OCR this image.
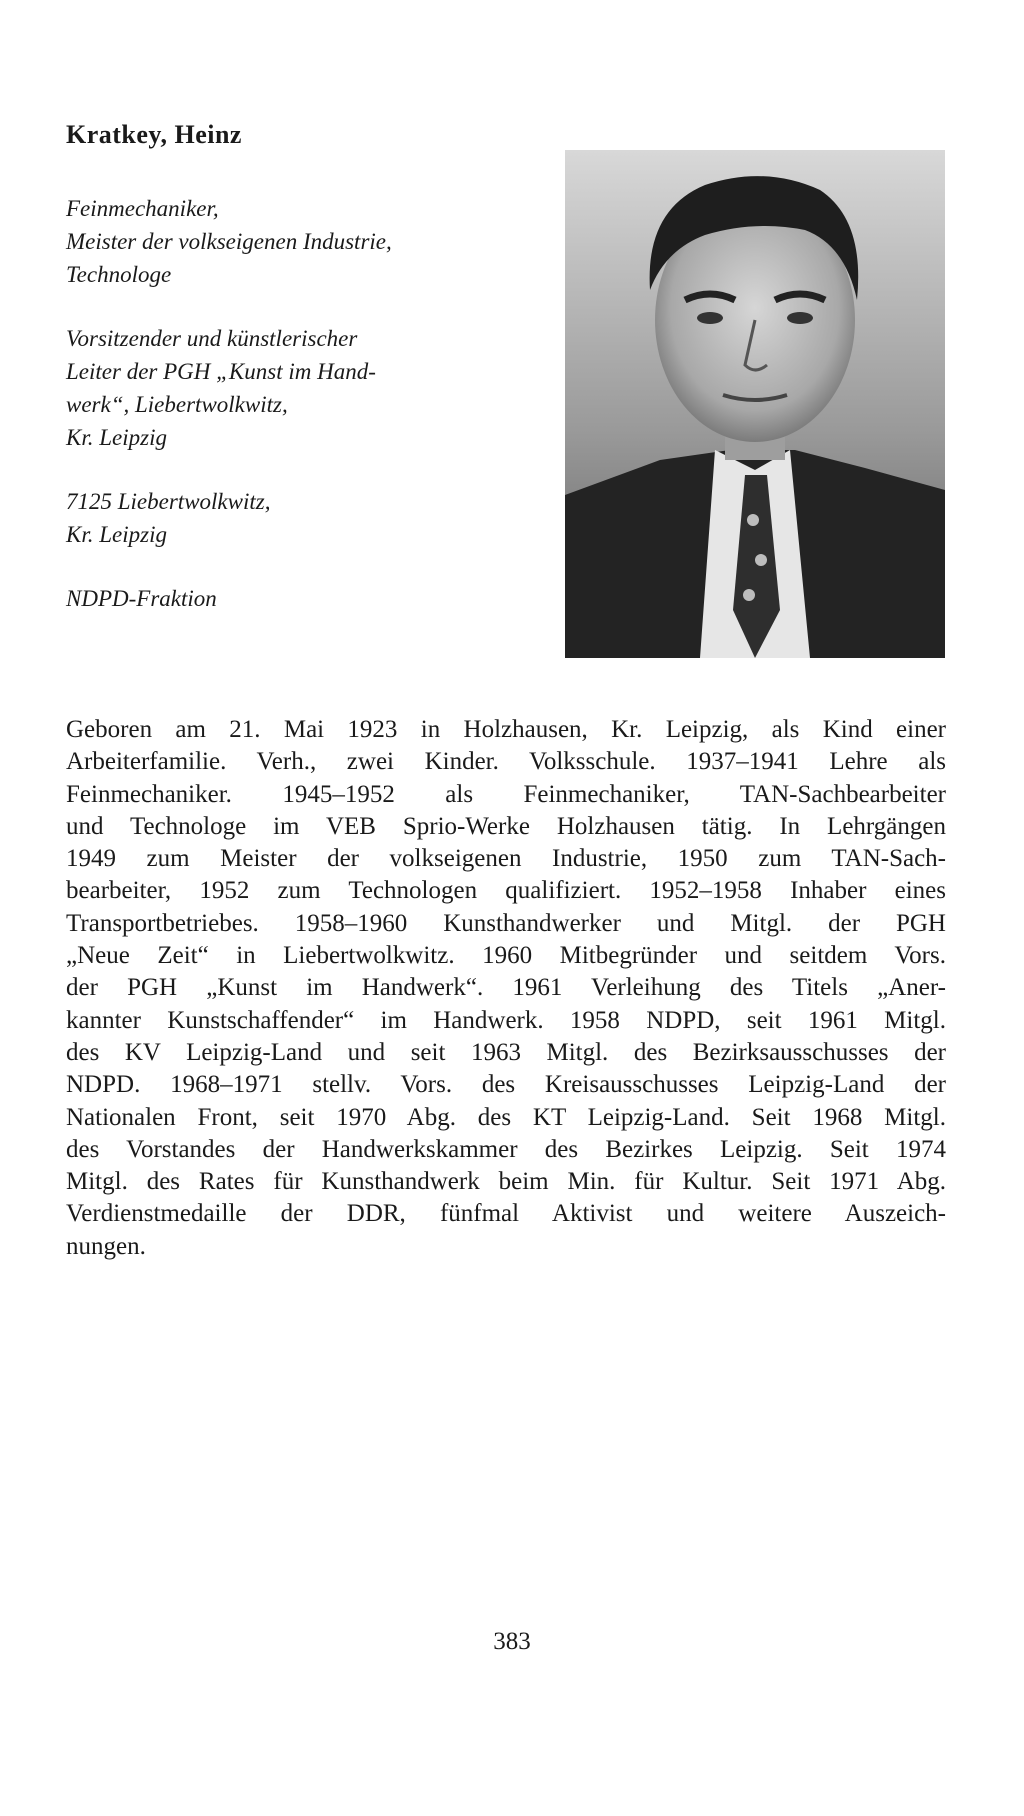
Kratkey, Heinz

Feinmechaniker,
Meister der volkseigenen Industrie,
Technologe

Vorsitzender und künstlerischer
Leiter der PGH „Kunst im Hand-
werk“, Liebertwolkwitz,
Kr. Leipzig

7125 Liebertwolkwitz,
Kr. Leipzig

NDPD-Fraktion

Geboren am 21. Mai 1923 in Holzhausen, Kr. Leipzig, als Kind einer
Arbeiterfamilie. Verh., zwei Kinder. Volksschule. 1937–1941 Lehre als
Feinmechaniker. 1945–1952 als Feinmechaniker, TAN-Sachbearbeiter
und Technologe im VEB Sprio-Werke Holzhausen tätig. In Lehrgängen
1949 zum Meister der volkseigenen Industrie, 1950 zum TAN-Sach-
bearbeiter, 1952 zum Technologen qualifiziert. 1952–1958 Inhaber eines
Transportbetriebes. 1958–1960 Kunsthandwerker und Mitgl. der PGH
„Neue Zeit“ in Liebertwolkwitz. 1960 Mitbegründer und seitdem Vors.
der PGH „Kunst im Handwerk“. 1961 Verleihung des Titels „Aner-
kannter Kunstschaffender“ im Handwerk. 1958 NDPD, seit 1961 Mitgl.
des KV Leipzig-Land und seit 1963 Mitgl. des Bezirksausschusses der
NDPD. 1968–1971 stellv. Vors. des Kreisausschusses Leipzig-Land der
Nationalen Front, seit 1970 Abg. des KT Leipzig-Land. Seit 1968 Mitgl.
des Vorstandes der Handwerkskammer des Bezirkes Leipzig. Seit 1974
Mitgl. des Rates für Kunsthandwerk beim Min. für Kultur. Seit 1971 Abg.
Verdienstmedaille der DDR, fünfmal Aktivist und weitere Auszeich-
nungen.

383
